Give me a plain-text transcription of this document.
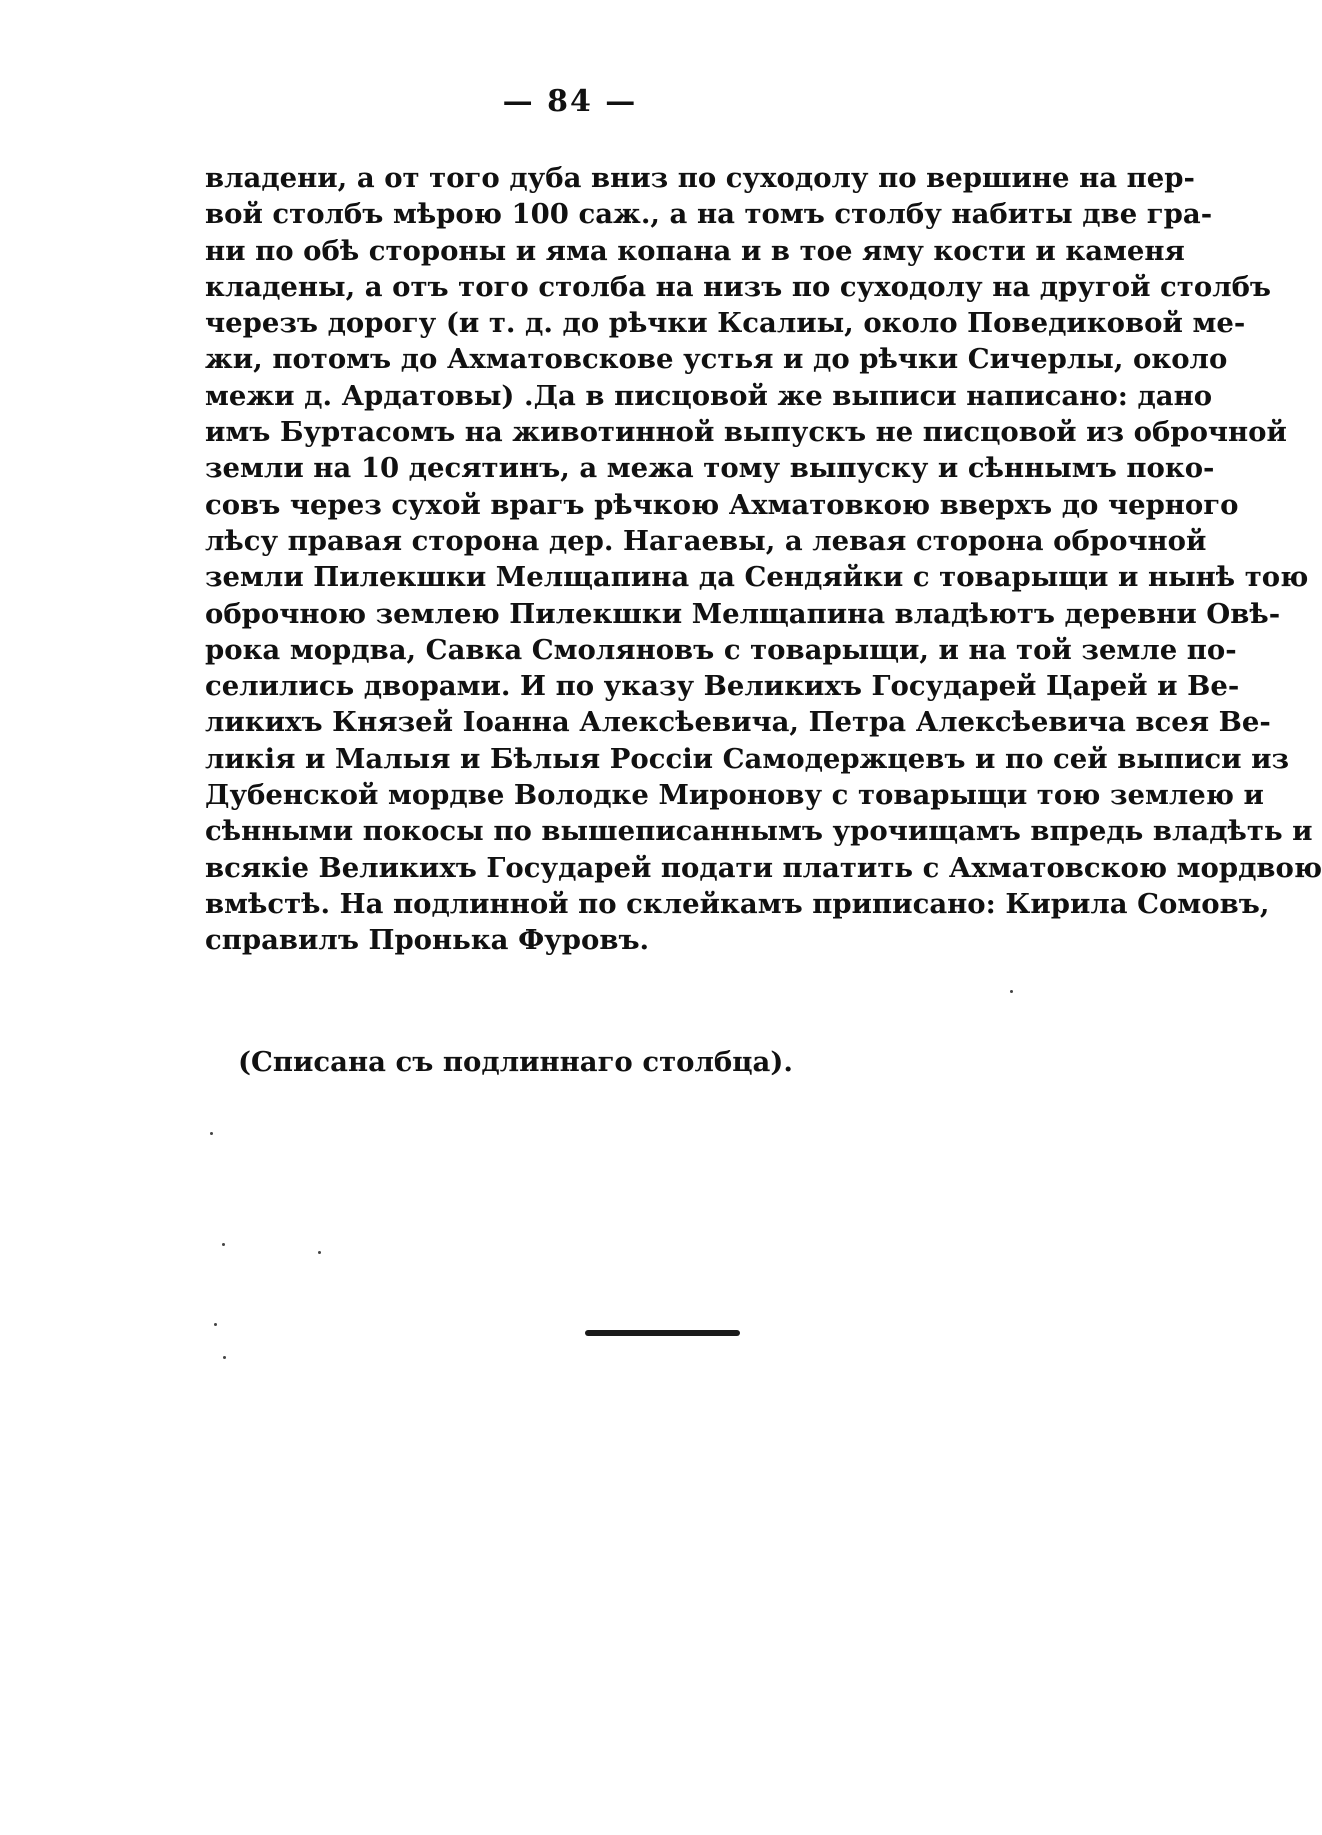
— 84 —
владени, а от того дуба вниз по суходолу по вершине на пер-
вой столбъ мѣрою 100 саж., а на томъ столбу набиты две гра-
ни по обѣ стороны и яма копана и в тое яму кости и каменя
кладены, а отъ того столба на низъ по суходолу на другой столбъ
черезъ дорогу (и т. д. до рѣчки Ксалиы, около Поведиковой ме-
жи, потомъ до Ахматовскове устья и до рѣчки Сичерлы, около
межи д. Ардатовы) .Да в писцовой же выписи написано: дано
имъ Буртасомъ на животинной выпускъ не писцовой из оброчной
земли на 10 десятинъ, а межа тому выпуску и сѣннымъ поко-
совъ через сухой врагъ рѣчкою Ахматовкою вверхъ до черного
лѣсу правая сторона дер. Нагаевы, а левая сторона оброчной
земли Пилекшки Мелщапина да Сендяйки с товарыщи и нынѣ тою
оброчною землею Пилекшки Мелщапина владѣютъ деревни Овѣ-
рока мордва, Савка Смоляновъ с товарыщи, и на той земле по-
селились дворами. И по указу Великихъ Государей Царей и Ве-
ликихъ Князей Іоанна Алексѣевича, Петра Алексѣевича всея Ве-
ликія и Малыя и Бѣлыя Россіи Самодержцевъ и по сей выписи из
Дубенской мордве Володке Миронову с товарыщи тою землею и
сѣнными покосы по вышеписаннымъ урочищамъ впредь владѣть и
всякіе Великихъ Государей подати платить с Ахматовскою мордвою
вмѣстѣ. На подлинной по склейкамъ приписано: Кирила Сомовъ,
справилъ Пронька Фуровъ.
(Списана съ подлиннаго столбца).
